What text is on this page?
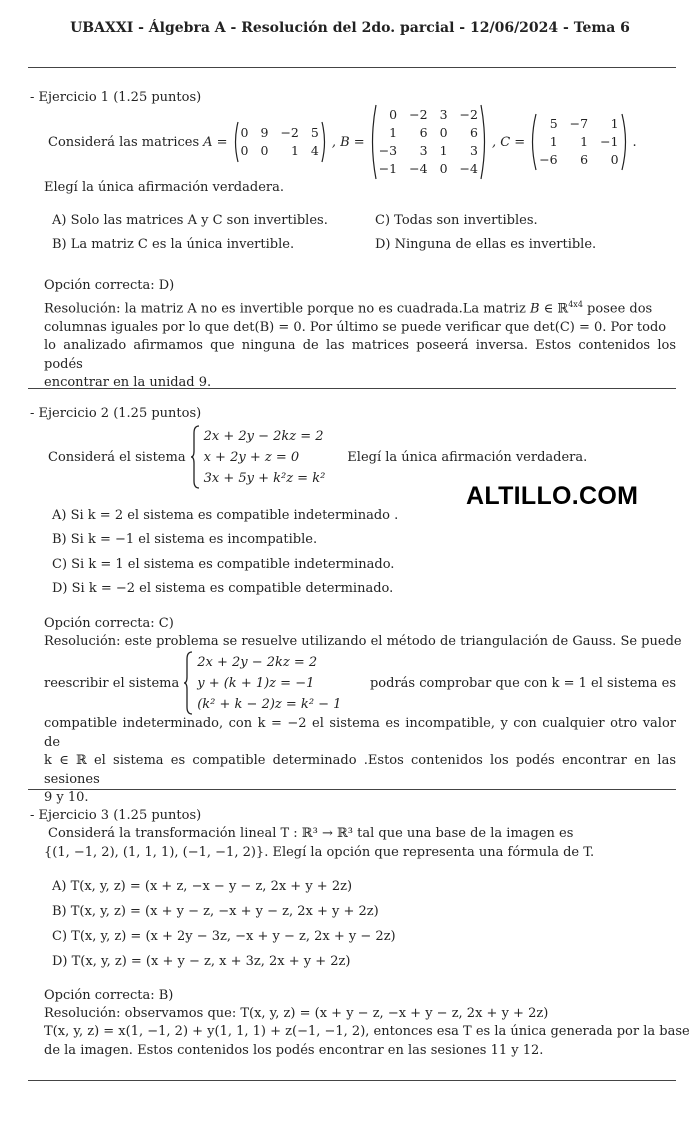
UBAXXI - Álgebra A - Resolución del 2do. parcial - 12/06/2024 - Tema 6
- Ejercicio 1 (1.25 puntos)
Considerá las matrices A =
0 9 −2 5
0 0	1 4
, B =
0 −2 3 −2
1	6 0	6
−3	3 1	3
−1 −4 0 −4
, C =
5 −7	1
1	1 −1
−6	6	0
.
Elegí la única afirmación verdadera.
A) Solo las matrices A y C son invertibles.	C) Todas son invertibles.
B) La matriz C es la única invertible.	D) Ninguna de ellas es invertible.
Opción correcta: D)
Resolución: la matriz A no es invertible porque no es cuadrada.La matriz B ∈ ℝ$^{4x4}$ posee dos
columnas iguales por lo que det(B) = 0. Por último se puede verificar que det(C) = 0. Por todo
lo analizado afirmamos que ninguna de las matrices poseerá inversa. Estos contenidos los podés
encontrar en la unidad 9.
- Ejercicio 2 (1.25 puntos)
Considerá el sistema
2x + 2y − 2kz = 2
x + 2y + z = 0
3x + 5y + k²z = k²
Elegí la única afirmación verdadera.
ALTILLO.COM
A) Si k = 2 el sistema es compatible indeterminado .
B) Si k = −1 el sistema es incompatible.
C) Si k = 1 el sistema es compatible indeterminado.
D) Si k = −2 el sistema es compatible determinado.
Opción correcta: C)
Resolución: este problema se resuelve utilizando el método de triangulación de Gauss. Se puede
reescribir el sistema
2x + 2y − 2kz = 2
y + (k + 1)z = −1
(k² + k − 2)z = k² − 1
podrás comprobar que con k = 1 el sistema es
compatible indeterminado, con k = −2 el sistema es incompatible, y con cualquier otro valor de
k ∈ ℝ el sistema es compatible determinado .Estos contenidos los podés encontrar en las sesiones
9 y 10.
- Ejercicio 3 (1.25 puntos)
Considerá la transformación lineal T : ℝ³ → ℝ³ tal que una base de la imagen es
{(1, −1, 2), (1, 1, 1), (−1, −1, 2)}. Elegí la opción que representa una fórmula de T.
A) T(x, y, z) = (x + z, −x − y − z, 2x + y + 2z)
B) T(x, y, z) = (x + y − z, −x + y − z, 2x + y + 2z)
C) T(x, y, z) = (x + 2y − 3z, −x + y − z, 2x + y − 2z)
D) T(x, y, z) = (x + y − z, x + 3z, 2x + y + 2z)
Opción correcta: B)
Resolución: observamos que: T(x, y, z) = (x + y − z, −x + y − z, 2x + y + 2z)
T(x, y, z) = x(1, −1, 2) + y(1, 1, 1) + z(−1, −1, 2), entonces esa T es la única generada por la base
de la imagen. Estos contenidos los podés encontrar en las sesiones 11 y 12.
